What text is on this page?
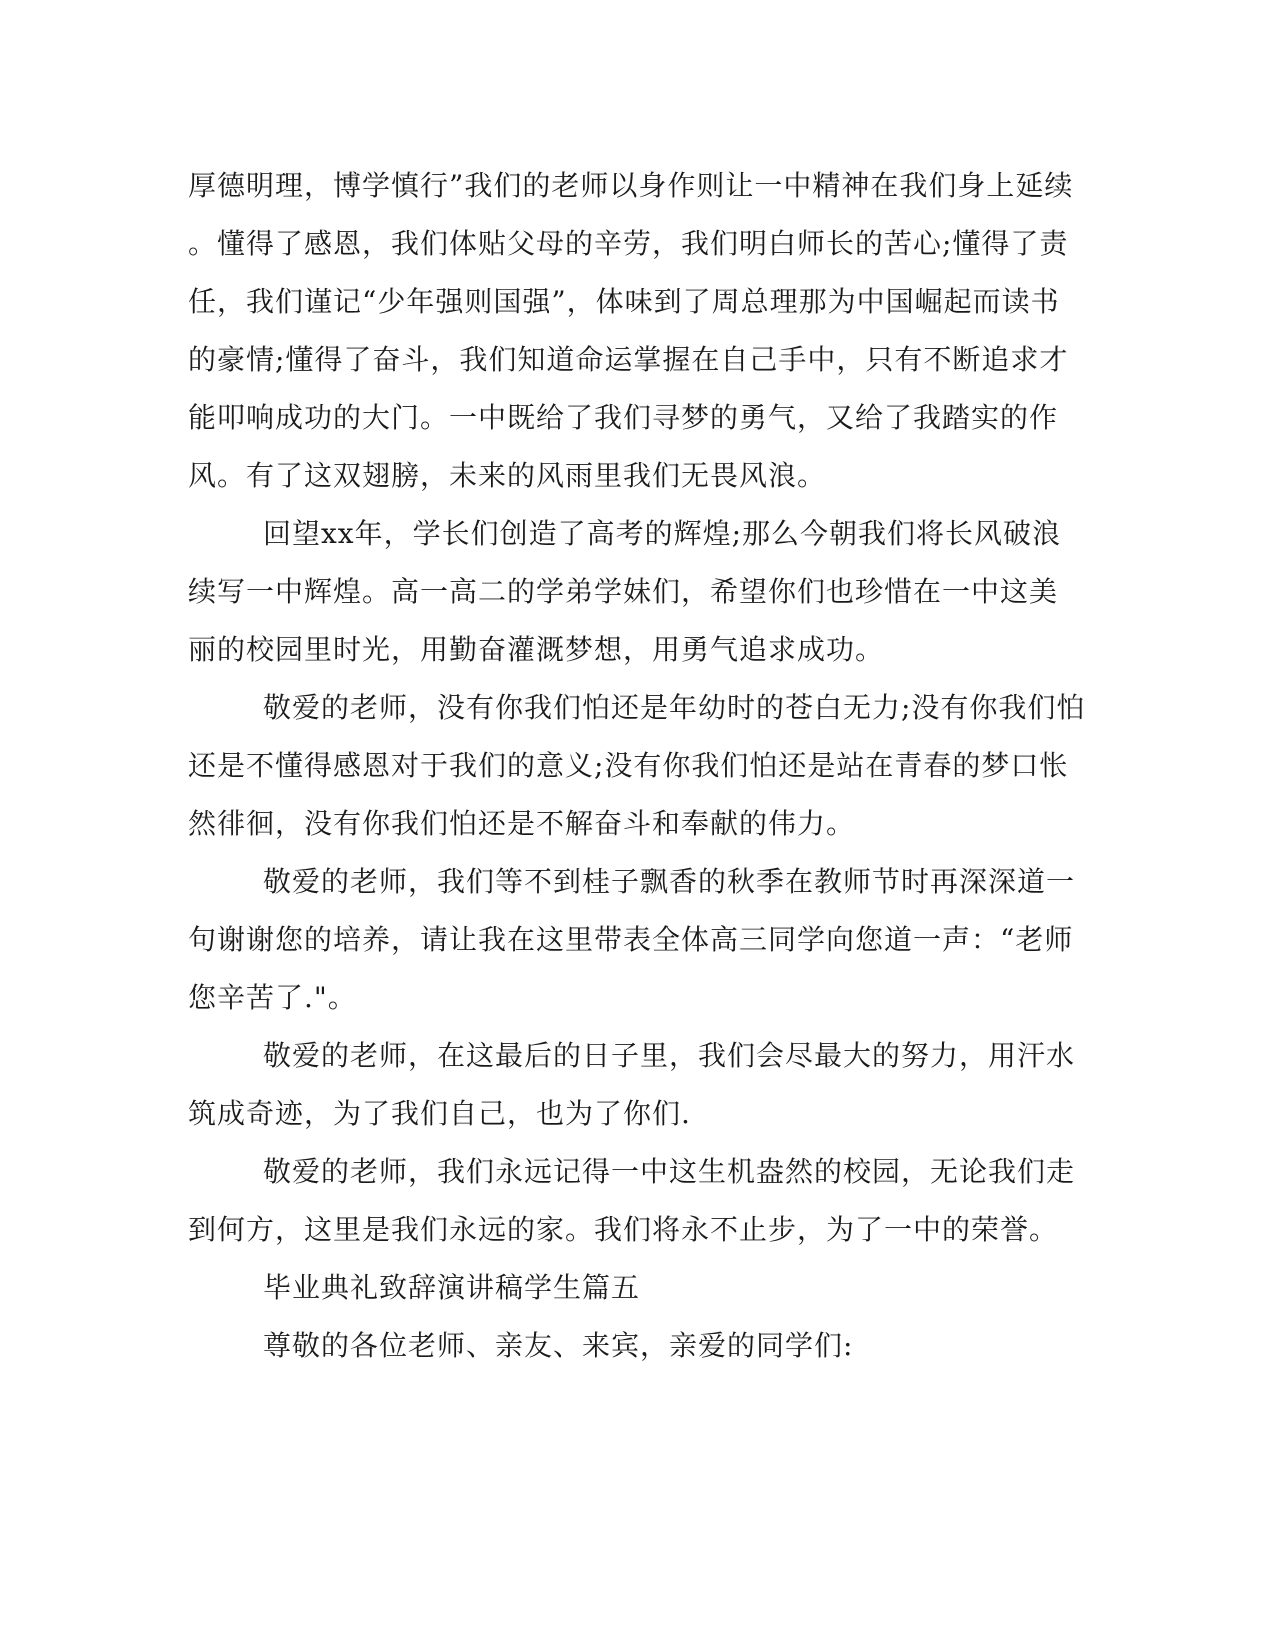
厚德明理，博学慎行”我们的老师以身作则让一中精神在我们身上延续
。懂得了感恩，我们体贴父母的辛劳，我们明白师长的苦心;懂得了责
任，我们谨记“少年强则国强”，体味到了周总理那为中国崛起而读书
的豪情;懂得了奋斗，我们知道命运掌握在自己手中，只有不断追求才
能叩响成功的大门。一中既给了我们寻梦的勇气，又给了我踏实的作
风。有了这双翅膀，未来的风雨里我们无畏风浪。
回望xx年，学长们创造了高考的辉煌;那么今朝我们将长风破浪
续写一中辉煌。高一高二的学弟学妹们，希望你们也珍惜在一中这美
丽的校园里时光，用勤奋灌溉梦想，用勇气追求成功。
敬爱的老师，没有你我们怕还是年幼时的苍白无力;没有你我们怕
还是不懂得感恩对于我们的意义;没有你我们怕还是站在青春的梦口怅
然徘徊，没有你我们怕还是不解奋斗和奉献的伟力。
敬爱的老师，我们等不到桂子飘香的秋季在教师节时再深深道一
句谢谢您的培养，请让我在这里带表全体高三同学向您道一声：“老师
您辛苦了."。
敬爱的老师，在这最后的日子里，我们会尽最大的努力，用汗水
筑成奇迹，为了我们自己，也为了你们.
敬爱的老师，我们永远记得一中这生机盎然的校园，无论我们走
到何方，这里是我们永远的家。我们将永不止步，为了一中的荣誉。
毕业典礼致辞演讲稿学生篇五
尊敬的各位老师、亲友、来宾，亲爱的同学们:
